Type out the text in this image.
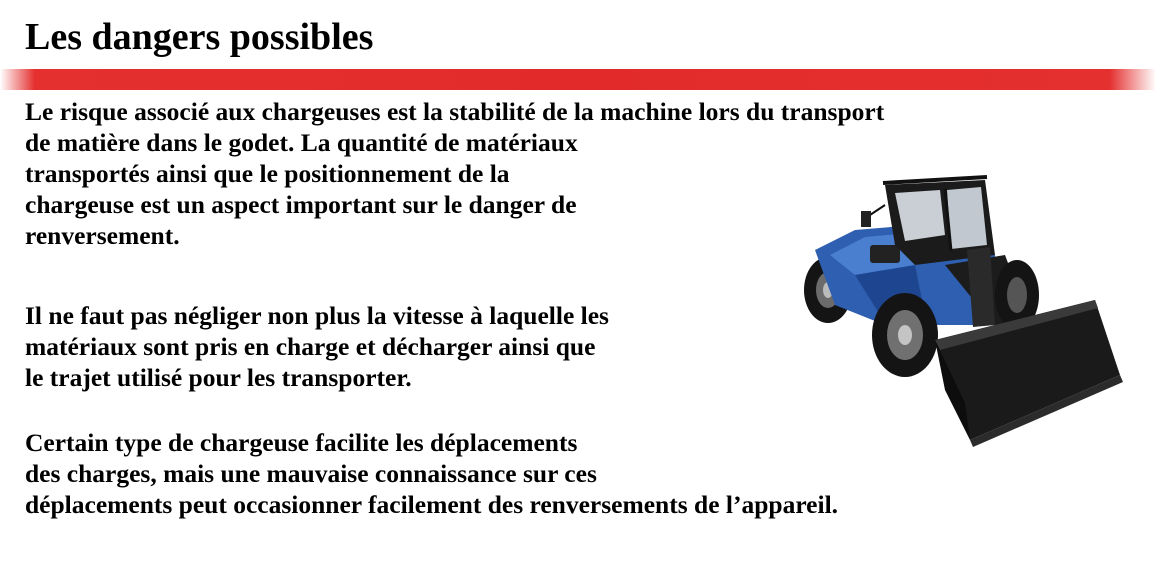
Les dangers possibles
Le risque associé aux chargeuses est la stabilité de la machine lors du transport
de matière dans le godet. La quantité de matériaux
transportés ainsi que le positionnement de la
chargeuse est un aspect important sur le danger de
renversement.
Il ne faut pas négliger non plus la vitesse à laquelle les
matériaux sont pris en charge et décharger ainsi que
le trajet utilisé pour les transporter.
Certain type de chargeuse facilite les déplacements
des charges, mais une mauvaise connaissance sur ces
déplacements peut occasionner facilement des renversements de l’appareil.
